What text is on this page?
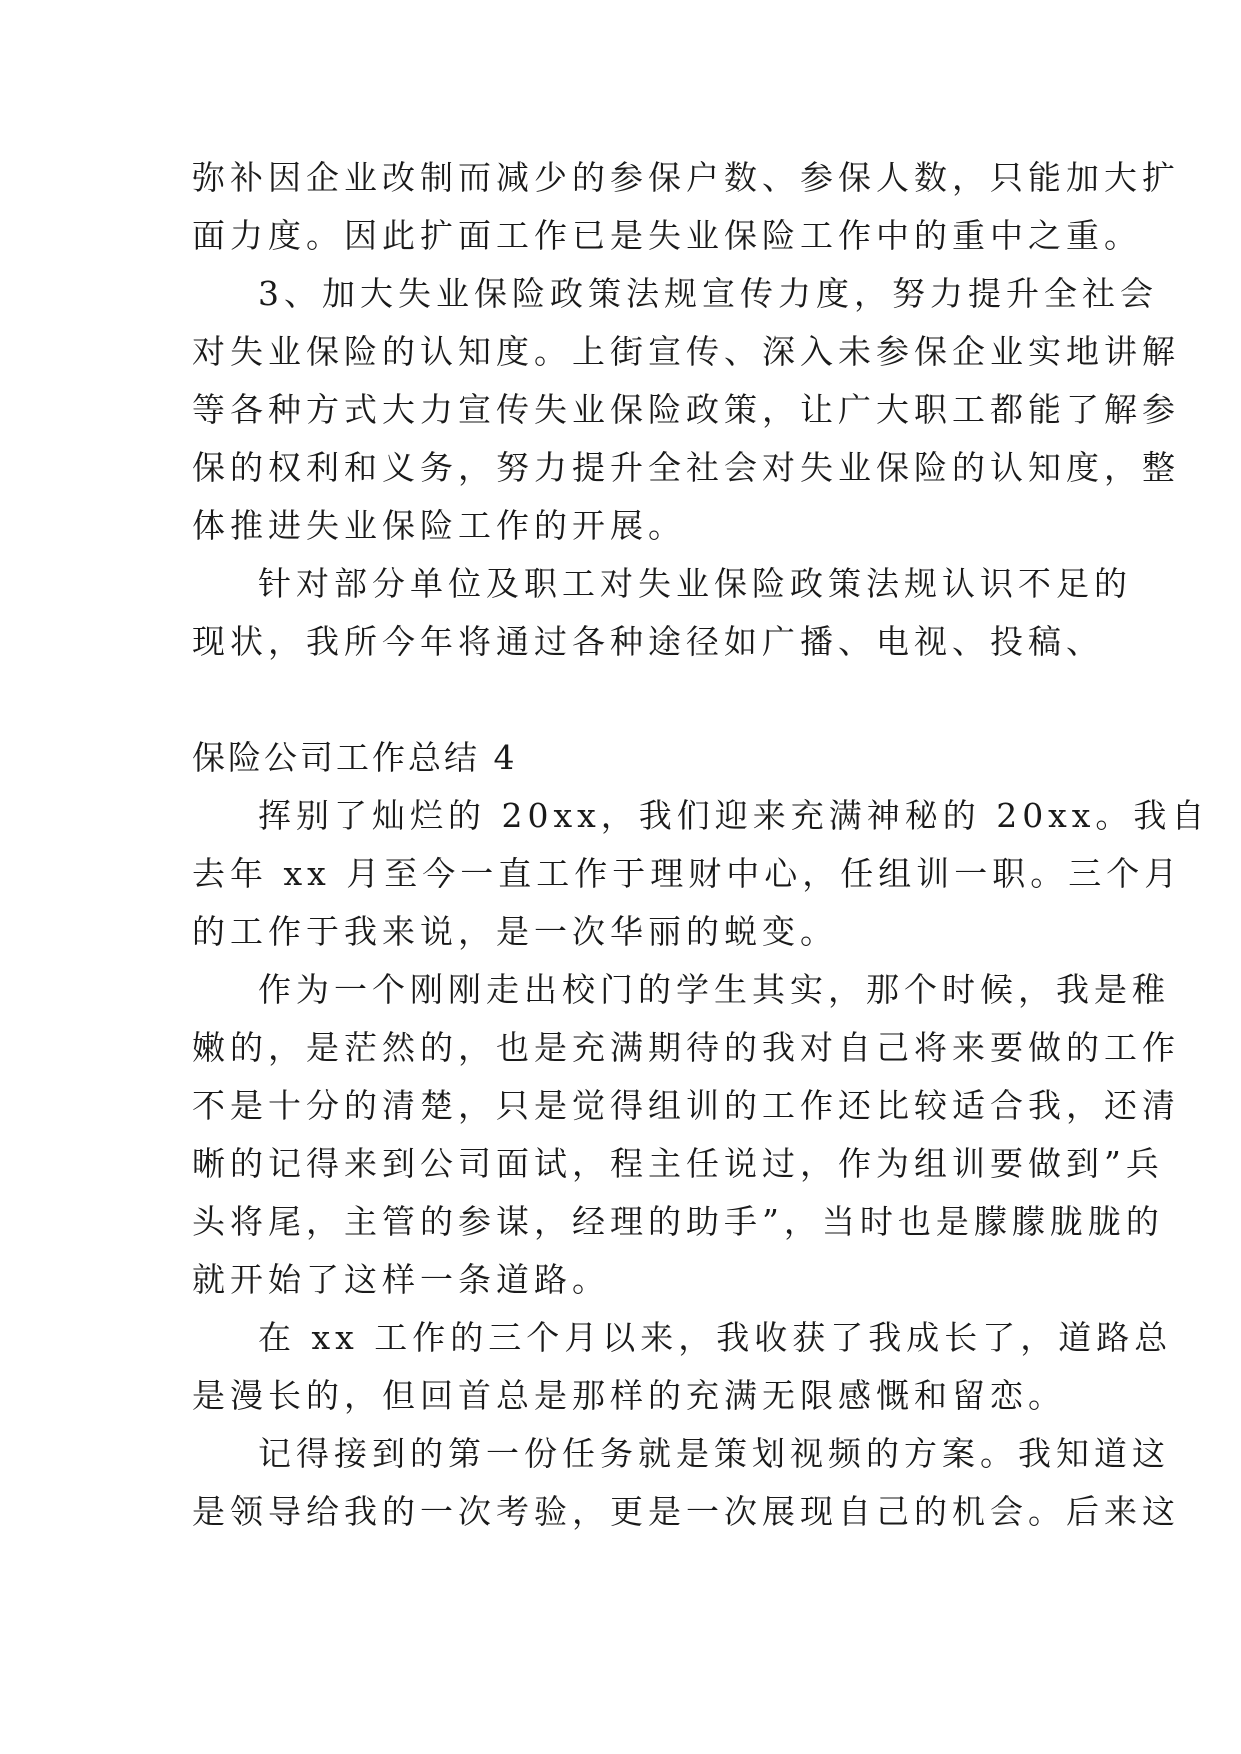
弥补因企业改制而减少的参保户数、参保人数，只能加大扩
面力度。因此扩面工作已是失业保险工作中的重中之重。
3、加大失业保险政策法规宣传力度，努力提升全社会
对失业保险的认知度。上街宣传、深入未参保企业实地讲解
等各种方式大力宣传失业保险政策，让广大职工都能了解参
保的权利和义务，努力提升全社会对失业保险的认知度，整
体推进失业保险工作的开展。
针对部分单位及职工对失业保险政策法规认识不足的
现状，我所今年将通过各种途径如广播、电视、投稿、
保险公司工作总结 4
挥别了灿烂的 20xx，我们迎来充满神秘的 20xx。我自
去年 xx 月至今一直工作于理财中心，任组训一职。三个月
的工作于我来说，是一次华丽的蜕变。
作为一个刚刚走出校门的学生其实，那个时候，我是稚
嫩的，是茫然的，也是充满期待的我对自己将来要做的工作
不是十分的清楚，只是觉得组训的工作还比较适合我，还清
晰的记得来到公司面试，程主任说过，作为组训要做到”兵
头将尾，主管的参谋，经理的助手”，当时也是朦朦胧胧的
就开始了这样一条道路。
在 xx 工作的三个月以来，我收获了我成长了，道路总
是漫长的，但回首总是那样的充满无限感慨和留恋。
记得接到的第一份任务就是策划视频的方案。我知道这
是领导给我的一次考验，更是一次展现自己的机会。后来这
